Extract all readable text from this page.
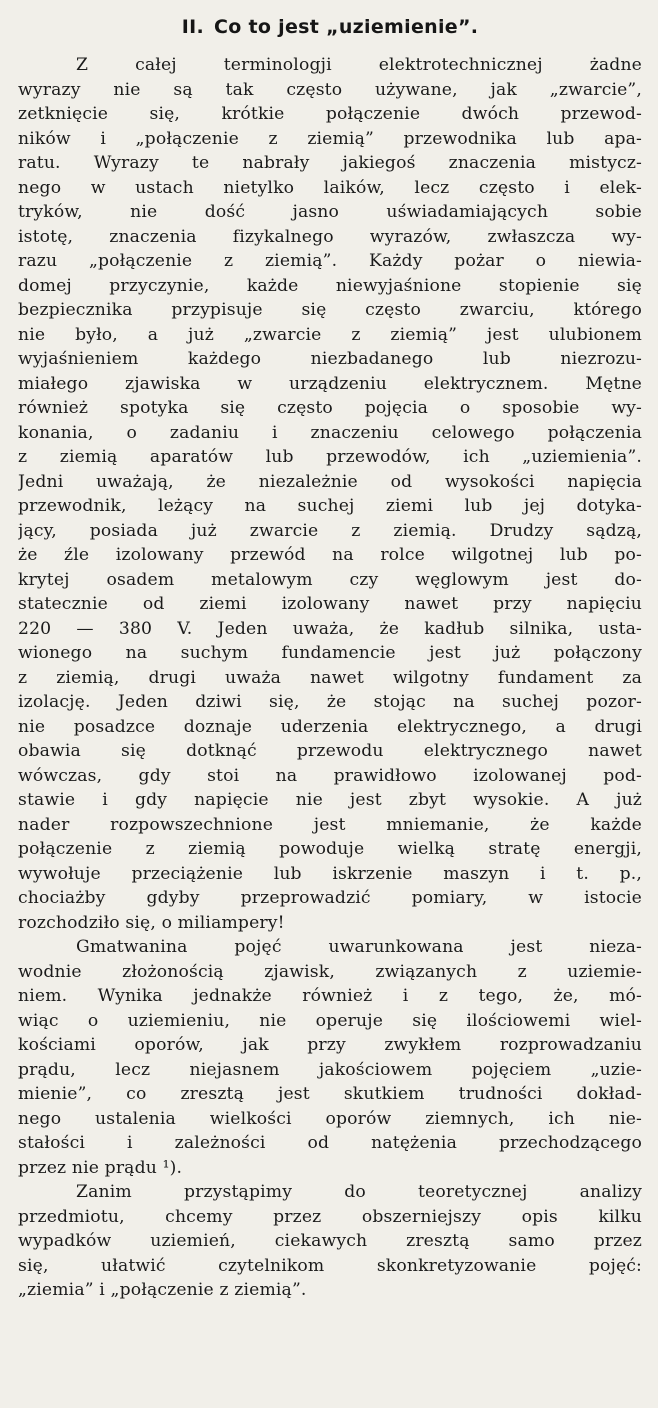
II. Co to jest „uziemienie”.
Z całej terminologji elektrotechnicznej żadne
wyrazy nie są tak często używane, jak „zwarcie”,
zetknięcie się, krótkie połączenie dwóch przewod-
ników i „połączenie z ziemią” przewodnika lub apa-
ratu. Wyrazy te nabrały jakiegoś znaczenia mistycz-
nego w ustach nietylko laików, lecz często i elek-
tryków, nie dość jasno uświadamiających sobie
istotę, znaczenia fizykalnego wyrazów, zwłaszcza wy-
razu „połączenie z ziemią”. Każdy pożar o niewia-
domej przyczynie, każde niewyjaśnione stopienie się
bezpiecznika przypisuje się często zwarciu, którego
nie było, a już „zwarcie z ziemią” jest ulubionem
wyjaśnieniem każdego niezbadanego lub niezrozu-
miałego zjawiska w urządzeniu elektrycznem. Mętne
również spotyka się często pojęcia o sposobie wy-
konania, o zadaniu i znaczeniu celowego połączenia
z ziemią aparatów lub przewodów, ich „uziemienia”.
Jedni uważają, że niezależnie od wysokości napięcia
przewodnik, leżący na suchej ziemi lub jej dotyka-
jący, posiada już zwarcie z ziemią. Drudzy sądzą,
że źle izolowany przewód na rolce wilgotnej lub po-
krytej osadem metalowym czy węglowym jest do-
statecznie od ziemi izolowany nawet przy napięciu
220 — 380 V. Jeden uważa, że kadłub silnika, usta-
wionego na suchym fundamencie jest już połączony
z ziemią, drugi uważa nawet wilgotny fundament za
izolację. Jeden dziwi się, że stojąc na suchej pozor-
nie posadzce doznaje uderzenia elektrycznego, a drugi
obawia się dotknąć przewodu elektrycznego nawet
wówczas, gdy stoi na prawidłowo izolowanej pod-
stawie i gdy napięcie nie jest zbyt wysokie. A już
nader rozpowszechnione jest mniemanie, że każde
połączenie z ziemią powoduje wielką stratę energji,
wywołuje przeciążenie lub iskrzenie maszyn i t. p.,
chociażby gdyby przeprowadzić pomiary, w istocie
rozchodziło się, o miliampery!
Gmatwanina pojęć uwarunkowana jest nieza-
wodnie złożonością zjawisk, związanych z uziemie-
niem. Wynika jednakże również i z tego, że, mó-
wiąc o uziemieniu, nie operuje się ilościowemi wiel-
kościami oporów, jak przy zwykłem rozprowadzaniu
prądu, lecz niejasnem jakościowem pojęciem „uzie-
mienie”, co zresztą jest skutkiem trudności dokład-
nego ustalenia wielkości oporów ziemnych, ich nie-
stałości i zależności od natężenia przechodzącego
przez nie prądu ¹).
Zanim przystąpimy do teoretycznej analizy
przedmiotu, chcemy przez obszerniejszy opis kilku
wypadków uziemień, ciekawych zresztą samo przez
się, ułatwić czytelnikom skonkretyzowanie pojęć:
„ziemia” i „połączenie z ziemią”.
